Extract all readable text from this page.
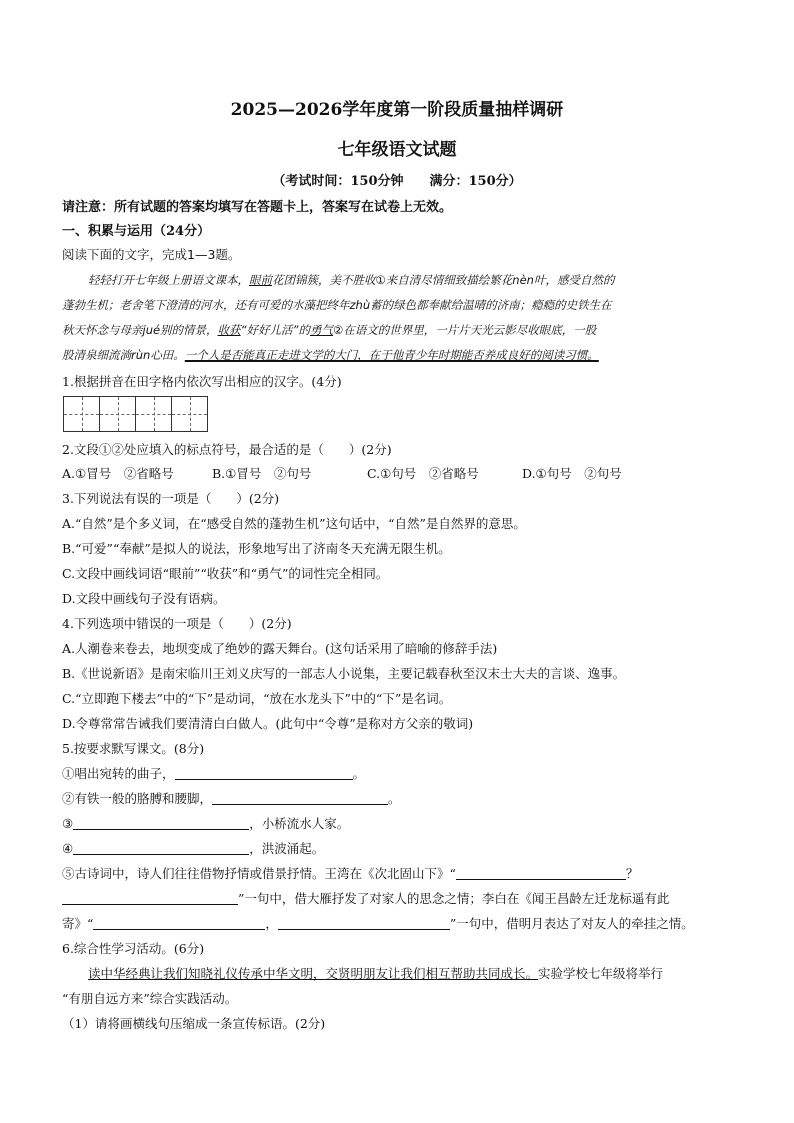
2025—2026学年度第一阶段质量抽样调研
七年级语文试题
（考试时间：150分钟　　满分：150分）
请注意：所有试题的答案均填写在答题卡上，答案写在试卷上无效。
一、积累与运用（24分）
阅读下面的文字，完成1—3题。
轻轻打开七年级上册语文课本，眼前花团锦簇，美不胜收①来自清尽情细致描绘繁花nèn叶，感受自然的
蓬勃生机；老舍笔下澄清的河水，还有可爱的水藻把终年zhù蓄的绿色都奉献给温晴的济南；瘾瘾的史铁生在
秋天怀念与母亲jué别的情景，收获“好好儿活”的勇气②在语文的世界里，一片片天光云影尽收眼底，一股
股清泉细流淌rùn心田。一个人是否能真正走进文学的大门，在于他青少年时期能否养成良好的阅读习惯。
1.根据拼音在田字格内依次写出相应的汉字。(4分)
2.文段①②处应填入的标点符号，最合适的是（　　）(2分)
A.①冒号　②省略号	B.①冒号　②句号	C.①句号　②省略号	D.①句号　②句号
3.下列说法有误的一项是（　　）(2分)
A.“自然”是个多义词，在“感受自然的蓬勃生机”这句话中，“自然”是自然界的意思。
B.“可爱”“奉献”是拟人的说法，形象地写出了济南冬天充满无限生机。
C.文段中画线词语“眼前”“收获”和“勇气”的词性完全相同。
D.文段中画线句子没有语病。
4.下列选项中错误的一项是（　　）(2分)
A.人潮卷来卷去，地坝变成了绝妙的露天舞台。(这句话采用了暗喻的修辞手法)
B.《世说新语》是南宋临川王刘义庆写的一部志人小说集，主要记载春秋至汉末士大夫的言谈、逸事。
C.“立即跑下楼去”中的“下”是动词，“放在水龙头下”中的“下”是名词。
D.令尊常常告诫我们要清清白白做人。(此句中“令尊”是称对方父亲的敬词)
5.按要求默写课文。(8分)
①唱出宛转的曲子，	。
②有铁一般的胳膊和腰脚，	。
③	，小桥流水人家。
④	，洪波涌起。
⑤古诗词中，诗人们往往借物抒情或借景抒情。王湾在《次北固山下》“	？
”一句中，借大雁抒发了对家人的思念之情；李白在《闻王昌龄左迁龙标遥有此
寄》“	，	”一句中，借明月表达了对友人的牵挂之情。
6.综合性学习活动。(6分)
读中华经典让我们知晓礼仪传承中华文明，交贤明朋友让我们相互帮助共同成长。实验学校七年级将举行
“有朋自远方来”综合实践活动。
（1）请将画横线句压缩成一条宣传标语。(2分)
